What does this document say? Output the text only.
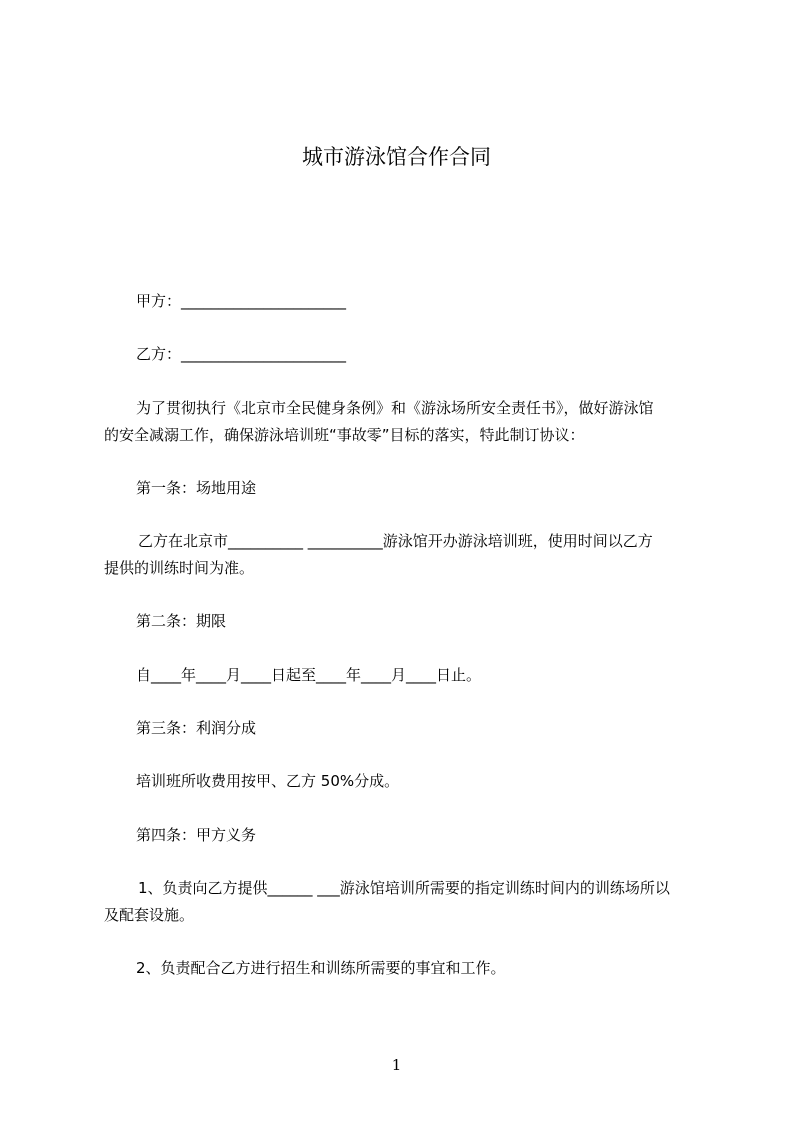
城市游泳馆合作合同

甲方：______________________

乙方：______________________

为了贯彻执行《北京市全民健身条例》和《游泳场所安全责任书》，做好游泳馆

的安全减溺工作，确保游泳培训班“事故零”目标的落实，特此制订协议：

第一条：场地用途

乙方在北京市__________ __________游泳馆开办游泳培训班，使用时间以乙方

提供的训练时间为准。

第二条：期限

自____年____月____日起至____年____月____日止。

第三条：利润分成

培训班所收费用按甲、乙方 50%分成。

第四条：甲方义务

1、负责向乙方提供______ ___游泳馆培训所需要的指定训练时间内的训练场所以

及配套设施。

2、负责配合乙方进行招生和训练所需要的事宜和工作。

1
